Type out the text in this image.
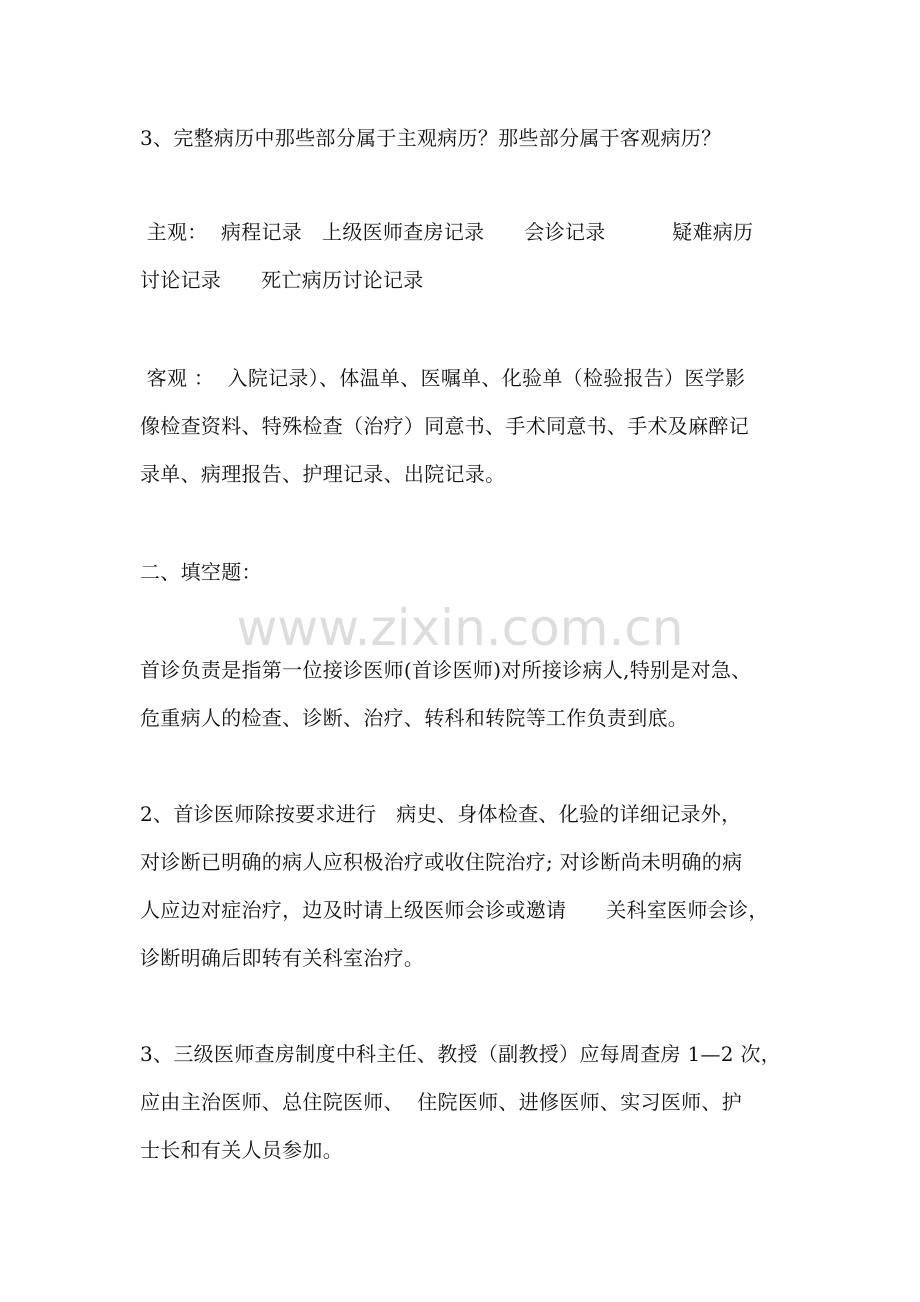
3、完整病历中那些部分属于主观病历？那些部分属于客观病历？
主观：  病程记录   上级医师查房记录      会诊记录          疑难病历
讨论记录      死亡病历讨论记录
客观 ：  入院记录）、体温单、医嘱单、化验单（检验报告）医学影
像检查资料、特殊检查（治疗）同意书、手术同意书、手术及麻醉记
录单、病理报告、护理记录、出院记录。
二、填空题：
www.zixin.com.cn
首诊负责是指第一位接诊医师(首诊医师)对所接诊病人,特别是对急、
危重病人的检查、诊断、治疗、转科和转院等工作负责到底。
2、首诊医师除按要求进行   病史、身体检查、化验的详细记录外，
对诊断已明确的病人应积极治疗或收住院治疗; 对诊断尚未明确的病
人应边对症治疗，边及时请上级医师会诊或邀请      关科室医师会诊，
诊断明确后即转有关科室治疗。
3、三级医师查房制度中科主任、教授（副教授）应每周查房 1—2 次，
应由主治医师、总住院医师、  住院医师、进修医师、实习医师、护
士长和有关人员参加。
